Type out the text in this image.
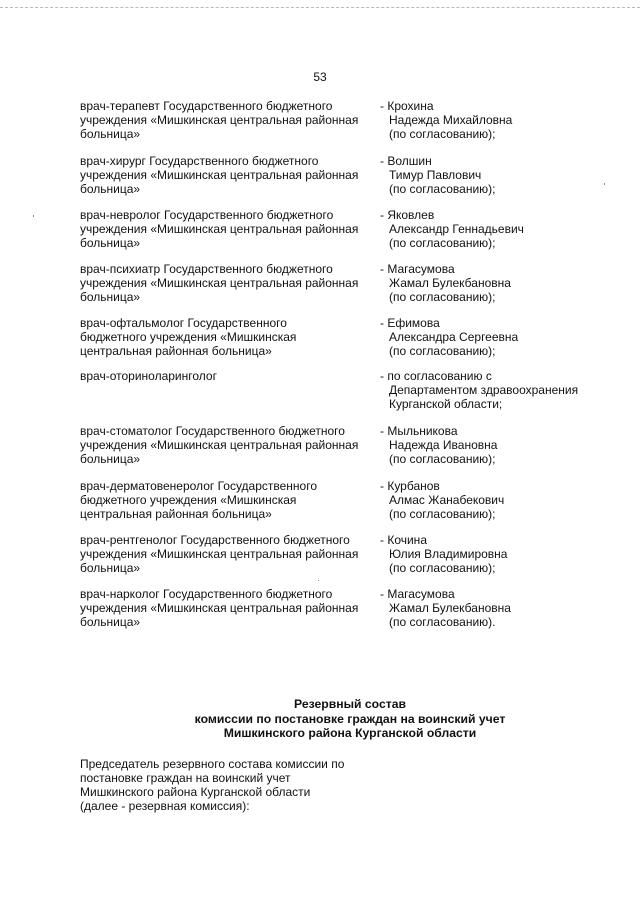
53
врач-терапевт Государственного бюджетного
учреждения «Мишкинская центральная районная
больница»
- Крохина
Надежда Михайловна
(по согласованию);
врач-хирург Государственного бюджетного
учреждения «Мишкинская центральная районная
больница»
- Волшин
Тимур Павлович
(по согласованию);
врач-невролог Государственного бюджетного
учреждения «Мишкинская центральная районная
больница»
- Яковлев
Александр Геннадьевич
(по согласованию);
врач-психиатр Государственного бюджетного
учреждения «Мишкинская центральная районная
больница»
- Магасумова
Жамал Булекбановна
(по согласованию);
врач-офтальмолог Государственного
бюджетного учреждения «Мишкинская
центральная районная больница»
- Ефимова
Александра Сергеевна
(по согласованию);
врач-оториноларинголог	- по согласованию с
Департаментом здравоохранения
Курганской области;
врач-стоматолог Государственного бюджетного
учреждения «Мишкинская центральная районная
больница»
- Мыльникова
Надежда Ивановна
(по согласованию);
врач-дерматовенеролог Государственного
бюджетного учреждения «Мишкинская
центральная районная больница»
- Курбанов
Алмас Жанабекович
(по согласованию);
врач-рентгенолог Государственного бюджетного
учреждения «Мишкинская центральная районная
больница»
- Кочина
Юлия Владимировна
(по согласованию);
врач-нарколог Государственного бюджетного
учреждения «Мишкинская центральная районная
больница»
- Магасумова
Жамал Булекбановна
(по согласованию).
Резервный состав
комиссии по постановке граждан на воинский учет
Мишкинского района Курганской области
Председатель резервного состава комиссии по
постановке граждан на воинский учет
Мишкинского района Курганской области
(далее - резервная комиссия):
